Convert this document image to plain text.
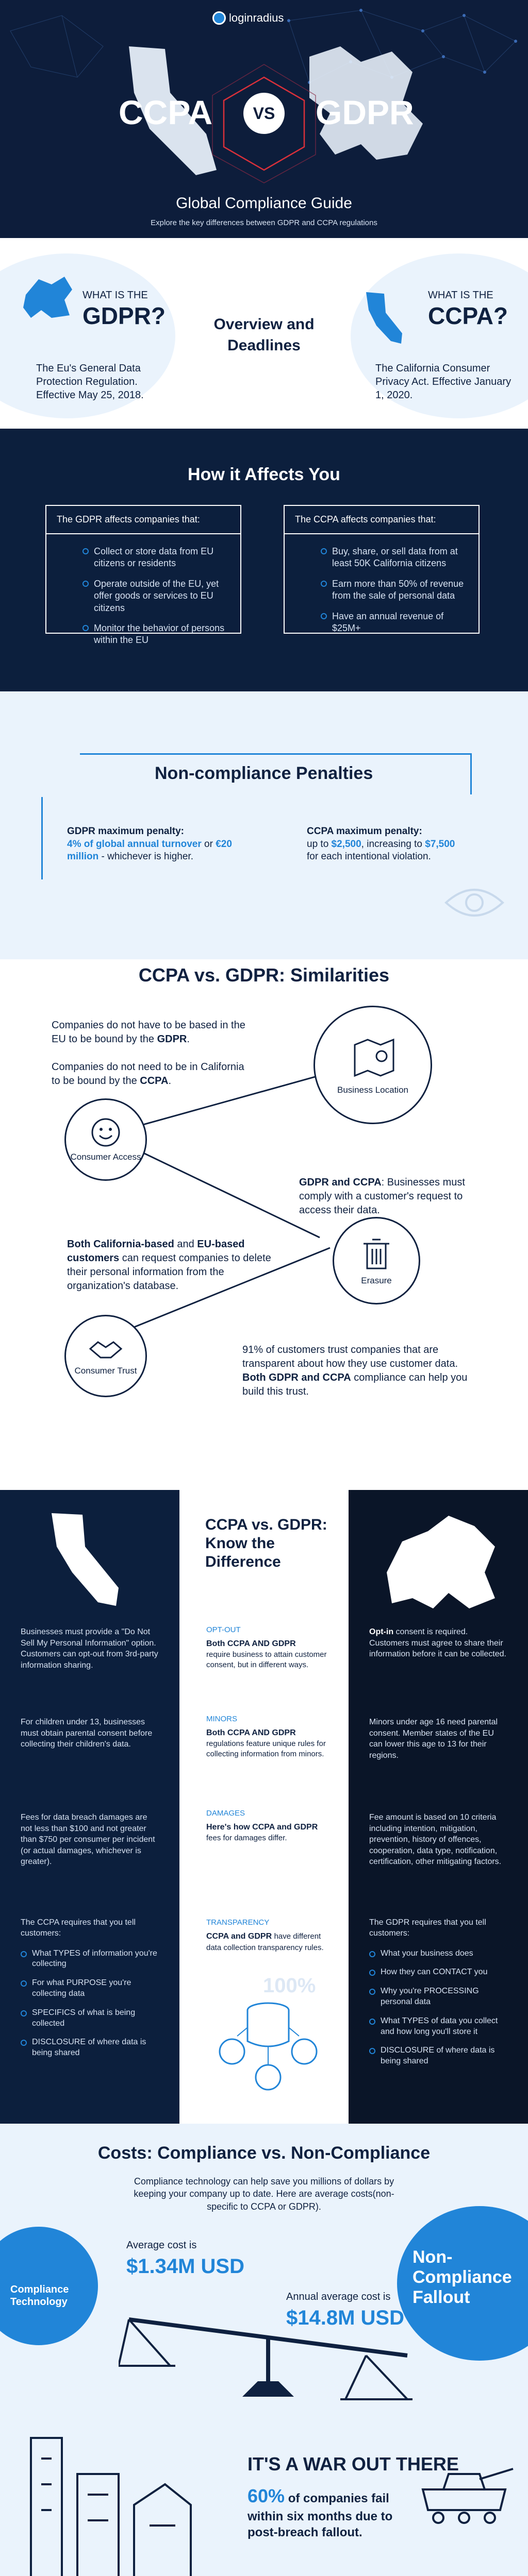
loginradius
CCPA VS GDPR
Global Compliance Guide
Explore the key differences between GDPR and CCPA regulations
WHAT IS THE
GDPR?
The Eu's General Data Protection Regulation. Effective May 25, 2018.
Overview and Deadlines
WHAT IS THE
CCPA?
The California Consumer Privacy Act. Effective January 1, 2020.
How it Affects You
The GDPR affects companies that:
Collect or store data from EU citizens or residents
Operate outside of the EU, yet offer goods or services to EU citizens
Monitor the behavior of persons within the EU
The CCPA affects companies that:
Buy, share, or sell data from at least 50K California citizens
Earn more than 50% of revenue from the sale of personal data
Have an annual revenue of $25M+
Non-compliance Penalties
GDPR maximum penalty:
4% of global annual turnover or €20 million - whichever is higher.
CCPA maximum penalty:
up to $2,500, increasing to $7,500 for each intentional violation.
CCPA vs. GDPR: Similarities
Companies do not have to be based in the EU to be bound by the GDPR.
Companies do not need to be in California to be bound by the CCPA.
Business Location
Consumer Access
GDPR and CCPA: Businesses must comply with a customer's request to access their data.
Both California-based and EU-based customers can request companies to delete their personal information from the organization's database.	Erasure
Consumer Trust
91% of customers trust companies that are transparent about how they use customer data. Both GDPR and CCPA compliance can help you build this trust.
CCPA vs. GDPR: Know the Difference
Businesses must provide a "Do Not Sell My Personal Information" option. Customers can opt-out from 3rd-party information sharing.
OPT-OUT
Both CCPA AND GDPR
require business to attain customer consent, but in different ways.
Opt-in consent is required. Customers must agree to share their information before it can be collected.
For children under 13, businesses must obtain parental consent before collecting their children's data.
MINORS
Both CCPA AND GDPR
regulations feature unique rules for collecting information from minors.
Minors under age 16 need parental consent. Member states of the EU can lower this age to 13 for their regions.
Fees for data breach damages are not less than $100 and not greater than $750 per consumer per incident (or actual damages, whichever is greater).
DAMAGES
Here's how CCPA and GDPR
fees for damages differ.
Fee amount is based on 10 criteria including intention, mitigation, prevention, history of offences, cooperation, data type, notification, certification, other mitigating factors.
The CCPA requires that you tell customers:
What TYPES of information you're collecting
For what PURPOSE you're collecting data
SPECIFICS of what is being collected
DISCLOSURE of where data is being shared
TRANSPARENCY
CCPA and GDPR have different data collection transparency rules.
100%
The GDPR requires that you tell customers:
What your business does
How they can CONTACT you
Why you're PROCESSING personal data
What TYPES of data you collect and how long you'll store it
DISCLOSURE of where data is being shared
Costs: Compliance vs. Non-Compliance
Compliance technology can help save you millions of dollars by keeping your company up to date. Here are average costs(non-specific to CCPA or GDPR).
Compliance Technology
Average cost is
$1.34M USD
Annual average cost is
$14.8M USD
Non-Compliance Fallout
IT'S A WAR OUT THERE
60% of companies fail within six months due to post-breach fallout.
